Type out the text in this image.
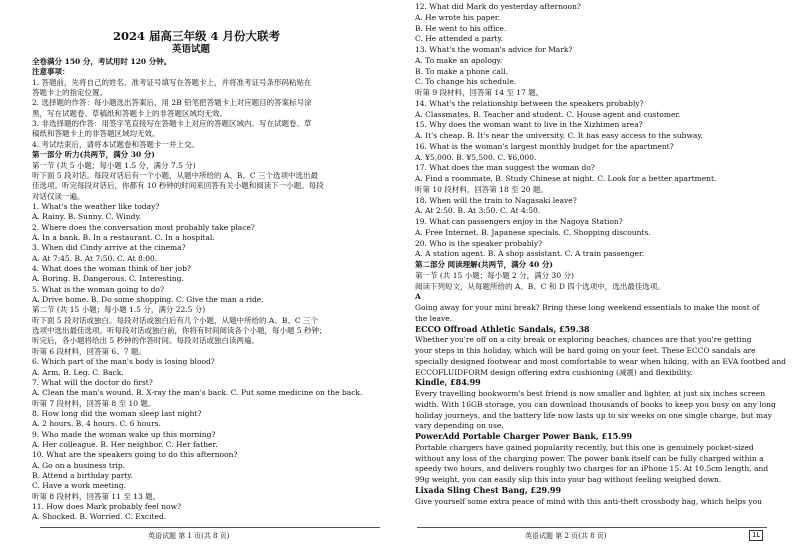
2024 届高三年级 4 月份大联考
英语试题
全卷满分 150 分，考试用时 120 分钟。
注意事项：
1. 答题前，先将自己的姓名、准考证号填写在答题卡上，并将准考证号条形码粘贴在
答题卡上的指定位置。
2. 选择题的作答：每小题选出答案后，用 2B 铅笔把答题卡上对应题目的答案标号涂
黑，写在试题卷、草稿纸和答题卡上的非答题区域均无效。
3. 非选择题的作答：用签字笔直接写在答题卡上对应的答题区域内。写在试题卷、草
稿纸和答题卡上的非答题区域均无效。
4. 考试结束后，请将本试题卷和答题卡一并上交。
第一部分 听力(共两节，满分 30 分)
第一节 (共 5 小题；每小题 1.5 分，满分 7.5 分)
听下面 5 段对话。每段对话后有一个小题，从题中所给的 A、B、C 三个选项中选出最
佳选项。听完每段对话后，你都有 10 秒钟的时间来回答有关小题和阅读下一小题。每段
对话仅读一遍。
1. What's the weather like today?
A. Rainy. B. Sunny. C. Windy.
2. Where does the conversation most probably take place?
A. In a bank. B. In a restaurant. C. In a hospital.
3. When did Cindy arrive at the cinema?
A. At 7:45. B. At 7:50. C. At 8:00.
4. What does the woman think of her job?
A. Boring. B. Dangerous. C. Interesting.
5. What is the woman going to do?
A. Drive home. B. Do some shopping. C. Give the man a ride.
第二节 (共 15 小题；每小题 1.5 分，满分 22.5 分)
听下面 5 段对话或独白。每段对话或独白后有几个小题，从题中所给的 A、B、C 三个
选项中选出最佳选项。听每段对话或独白前，你将有时间阅读各个小题，每小题 5 秒钟；
听完后，各小题将给出 5 秒钟的作答时间。每段对话或独白读两遍。
听第 6 段材料，回答第 6、7 题。
6. Which part of the man's body is losing blood?
A. Arm. B. Leg. C. Back.
7. What will the doctor do first?
A. Clean the man's wound. B. X-ray the man's back. C. Put some medicine on the back.
听第 7 段材料，回答第 8 至 10 题。
8. How long did the woman sleep last night?
A. 2 hours. B. 4 hours. C. 6 hours.
9. Who made the woman wake up this morning?
A. Her colleague. B. Her neighbor. C. Her father.
10. What are the speakers going to do this afternoon?
A. Go on a business trip.
B. Attend a birthday party.
C. Have a work meeting.
听第 8 段材料，回答第 11 至 13 题。
11. How does Mark probably feel now?
A. Shocked. B. Worried. C. Excited.
英语试题 第 1 页(共 8 页)
12. What did Mark do yesterday afternoon?
A. He wrote his paper.
B. He went to his office.
C. He attended a party.
13. What's the woman's advice for Mark?
A. To make an apology.
B. To make a phone call.
C. To change his schedule.
听第 9 段材料，回答第 14 至 17 题。
14. What's the relationship between the speakers probably?
A. Classmates. B. Teacher and student. C. House agent and customer.
15. Why does the woman want to live in the Xizhimen area?
A. It's cheap. B. It's near the university. C. It has easy access to the subway.
16. What is the woman's largest monthly budget for the apartment?
A. ¥5,000. B. ¥5,500. C. ¥6,000.
17. What does the man suggest the woman do?
A. Find a roommate. B. Study Chinese at night. C. Look for a better apartment.
听第 10 段材料，回答第 18 至 20 题。
18. When will the train to Nagasaki leave?
A. At 2:50. B. At 3:50. C. At 4:50.
19. What can passengers enjoy in the Nagoya Station?
A. Free Internet. B. Japanese specials. C. Shopping discounts.
20. Who is the speaker probably?
A. A station agent. B. A shop assistant. C. A train passenger.
第二部分 阅读理解(共两节，满分 40 分)
第一节 (共 15 小题；每小题 2 分，满分 30 分)
阅读下列短文，从每题所给的 A、B、C 和 D 四个选项中，选出最佳选项。
A
Going away for your mini break? Bring these long weekend essentials to make the most of
the leave.
ECCO Offroad Athletic Sandals, £59.38
Whether you're off on a city break or exploring beaches, chances are that you're getting
your steps in this holiday, which will be hard going on your feet. These ECCO sandals are
specially designed footwear and most comfortable to wear when hiking, with an EVA footbed and
ECCOFLUIDFORM design offering extra cushioning (减震) and flexibility.
Kindle, £84.99
Every travelling bookworm's best friend is now smaller and lighter, at just six inches screen
width. With 16GB storage, you can download thousands of books to keep you busy on any long
holiday journeys, and the battery life now lasts up to six weeks on one single charge, but may
vary depending on use.
PowerAdd Portable Charger Power Bank, £15.99
Portable chargers have gained popularity recently, but this one is genuinely pocket-sized
without any loss of the charging power. The power bank itself can be fully charged within a
speedy two hours, and delivers roughly two charges for an iPhone 15. At 10.5cm length, and
99g weight, you can easily slip this into your bag without feeling weighed down.
Lixada Sling Chest Bang, £29.99
Give yourself some extra peace of mind with this anti-theft crossbody bag, which helps you
英语试题 第 2 页(共 8 页)	1L
